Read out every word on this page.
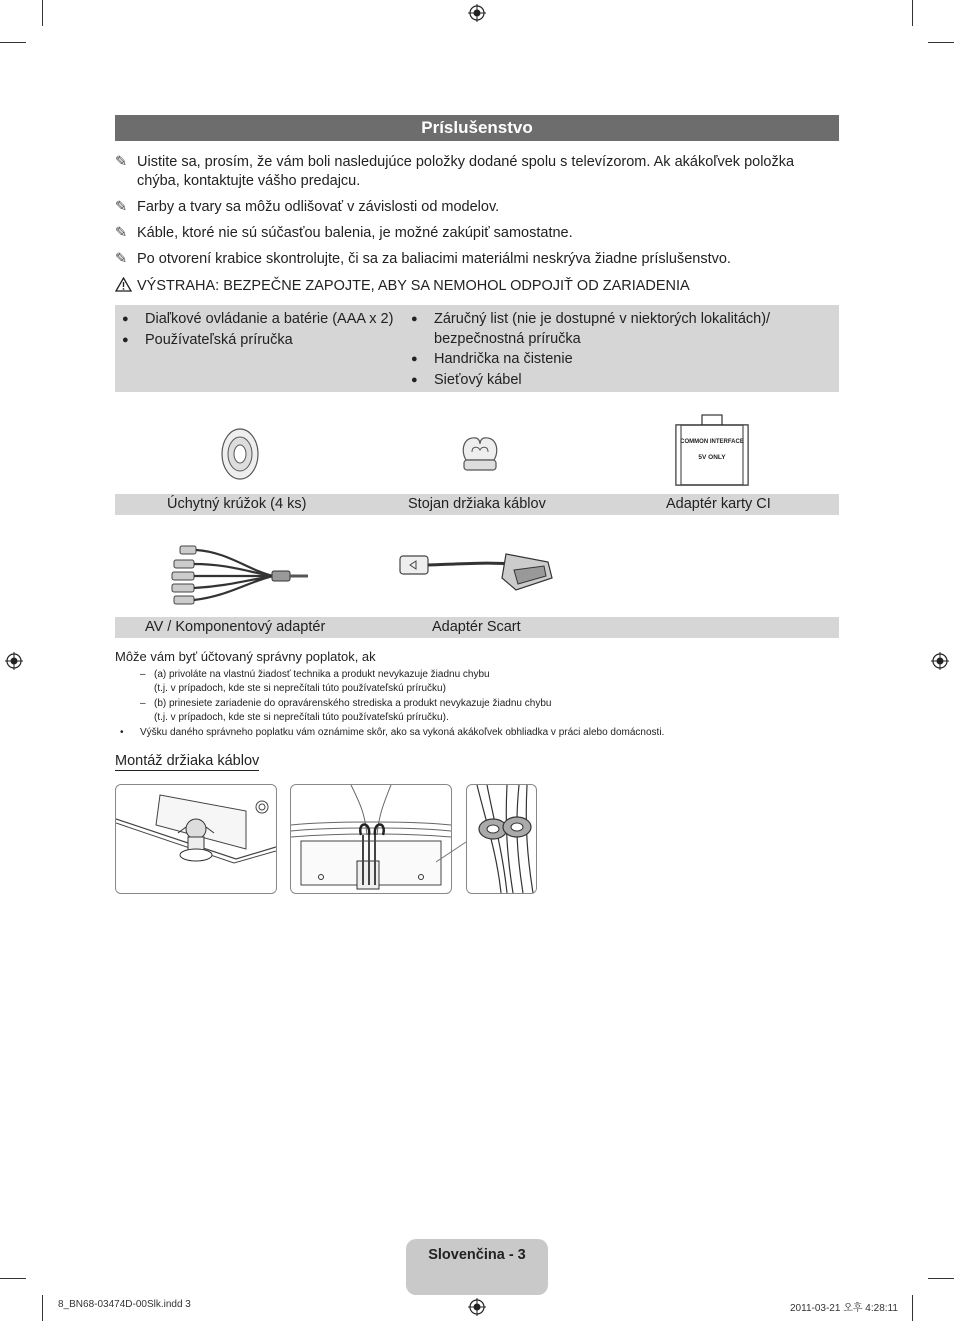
Príslušenstvo
✎ Uistite sa, prosím, že vám boli nasledujúce položky dodané spolu s televízorom. Ak akákoľvek položka
chýba, kontaktujte vášho predajcu.
✎ Farby a tvary sa môžu odlišovať v závislosti od modelov.
✎ Káble, ktoré nie sú súčasťou balenia, je možné zakúpiť samostatne.
✎ Po otvorení krabice skontrolujte, či sa za baliacimi materiálmi neskrýva žiadne príslušenstvo.
VÝSTRAHA: BEZPEČNE ZAPOJTE, ABY SA NEMOHOL ODPOJIŤ OD ZARIADENIA
● Diaľkové ovládanie a batérie (AAA x 2)
● Používateľská príručka
●	Záručný list (nie je dostupné v niektorých lokalitách)/
bezpečnostná príručka
● Handrička na čistenie
● Sieťový kábel
COMMON INTERFACE
5V ONLY
Úchytný krúžok (4 ks)	Stojan držiaka káblov	Adaptér karty CI
AV / Komponentový adaptér	Adaptér Scart
Môže vám byť účtovaný správny poplatok, ak
– (a) privoláte na vlastnú žiadosť technika a produkt nevykazuje žiadnu chybu
(t.j. v prípadoch, kde ste si neprečítali túto používateľskú príručku)
– (b) prinesiete zariadenie do opravárenského strediska a produkt nevykazuje žiadnu chybu
(t.j. v prípadoch, kde ste si neprečítali túto používateľskú príručku).
•	Výšku daného správneho poplatku vám oznámime skôr, ako sa vykoná akákoľvek obhliadka v práci alebo domácnosti.
Montáž držiaka káblov
Slovenčina - 3
8_BN68-03474D-00Slk.indd 3	2011-03-21 오후 4:28:11
